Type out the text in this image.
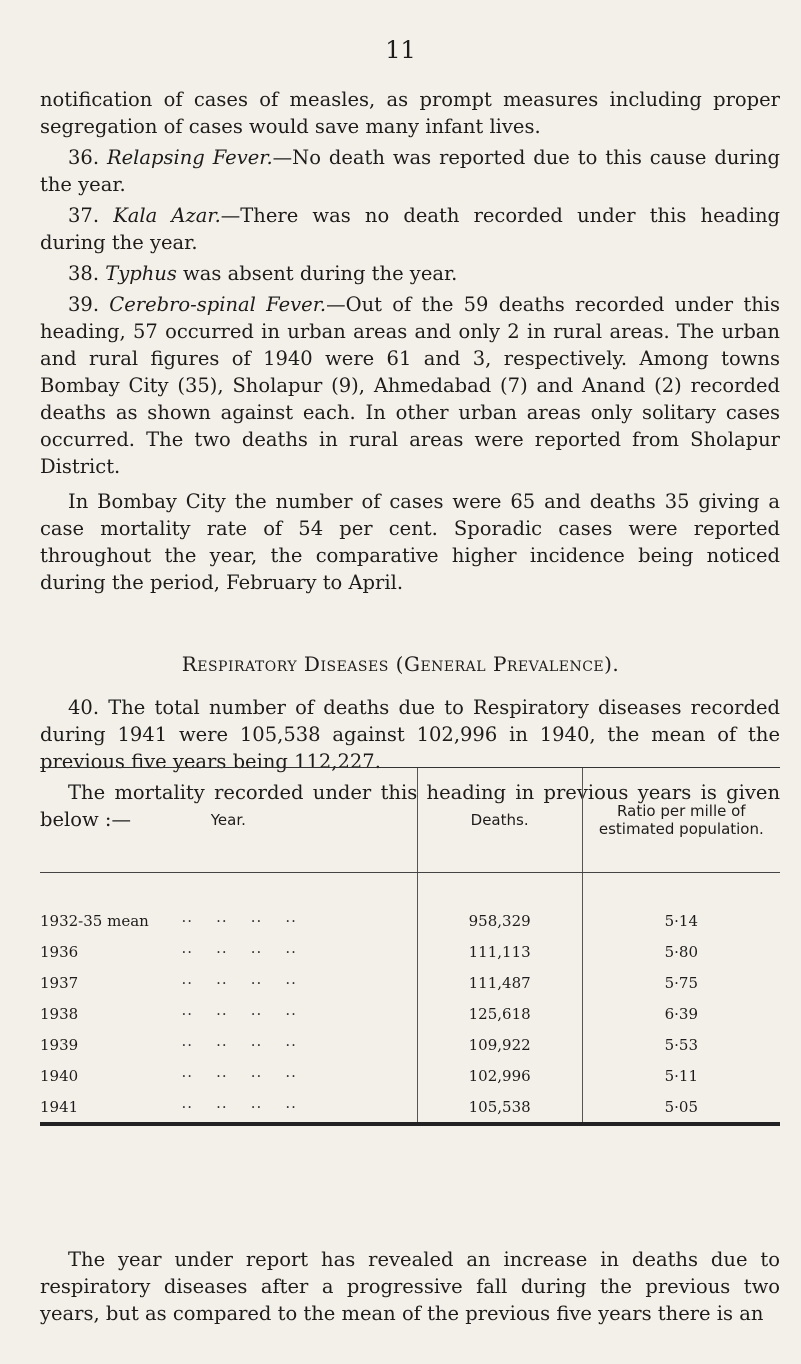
11

notification of cases of measles, as prompt measures including proper segregation of cases would save many infant lives.

36. Relapsing Fever.—No death was reported due to this cause during the year.

37. Kala Azar.—There was no death recorded under this heading during the year.

38. Typhus was absent during the year.

39. Cerebro-spinal Fever.—Out of the 59 deaths recorded under this heading, 57 occurred in urban areas and only 2 in rural areas. The urban and rural figures of 1940 were 61 and 3, respectively. Among towns Bombay City (35), Sholapur (9), Ahmedabad (7) and Anand (2) recorded deaths as shown against each. In other urban areas only solitary cases occurred. The two deaths in rural areas were reported from Sholapur District.

In Bombay City the number of cases were 65 and deaths 35 giving a case mortality rate of 54 per cent. Sporadic cases were reported throughout the year, the comparative higher incidence being noticed during the period, February to April.

Respiratory Diseases (General Prevalence).

40. The total number of deaths due to Respiratory diseases recorded during 1941 were 105,538 against 102,996 in 1940, the mean of the previous five years being 112,227.

The mortality recorded under this heading in previous years is given below :—	Year.	Deaths.	Ratio per mille of estimated population.
1932-35 mean  ··    ··    ··    ··	958,329	5·14
1936 ··    ··    ··    ··	111,113	5·80
1937 ··    ··    ··    ··	111,487	5·75
1938 ··    ··    ··    ··	125,618	6·39
1939 ··    ··    ··    ··	109,922	5·53
1940 ··    ··    ··    ··	102,996	5·11
1941 ··    ··    ··    ··	105,538	5·05

The year under report has revealed an increase in deaths due to respiratory diseases after a progressive fall during the previous two years, but as compared to the mean of the previous five years there is an
